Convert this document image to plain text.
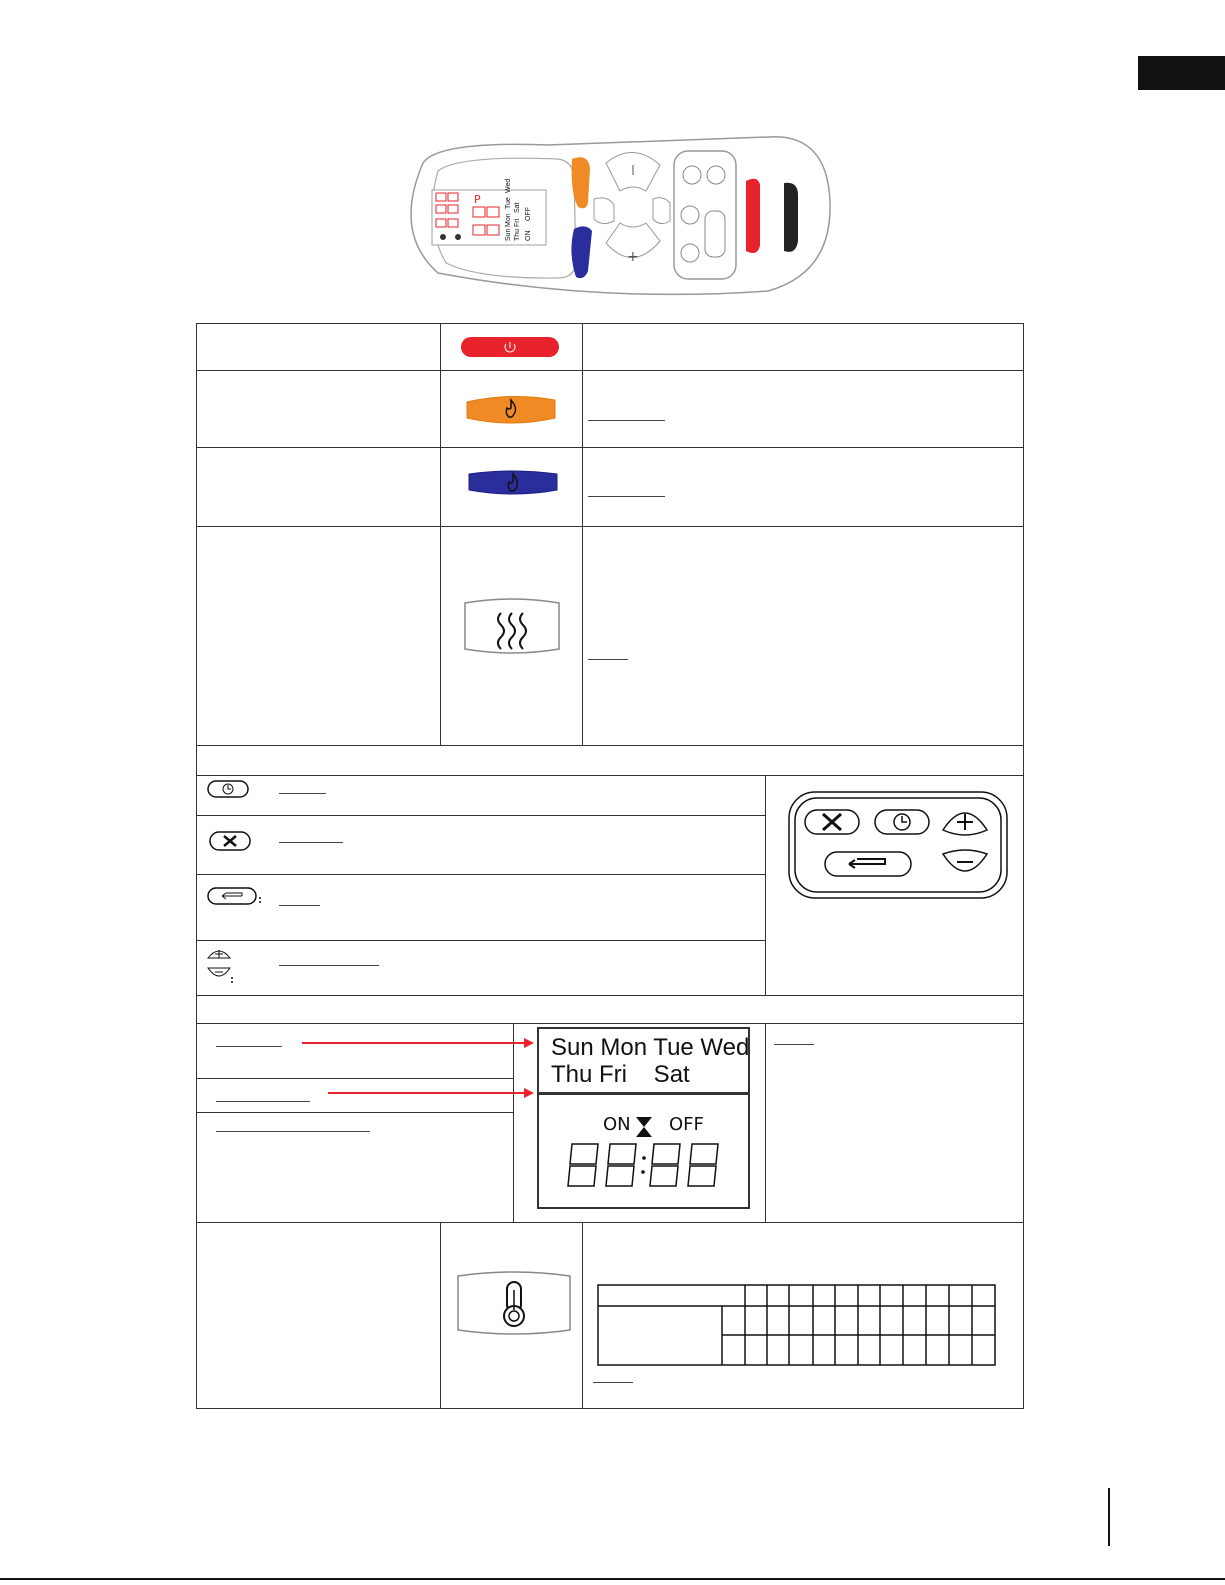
P
Sun
Mon
Tue
Wed
Thu
Fri
Sat
ON
OFF
+
Sun Mon Tue Wed
Thu Fri    Sat
ON OFF
